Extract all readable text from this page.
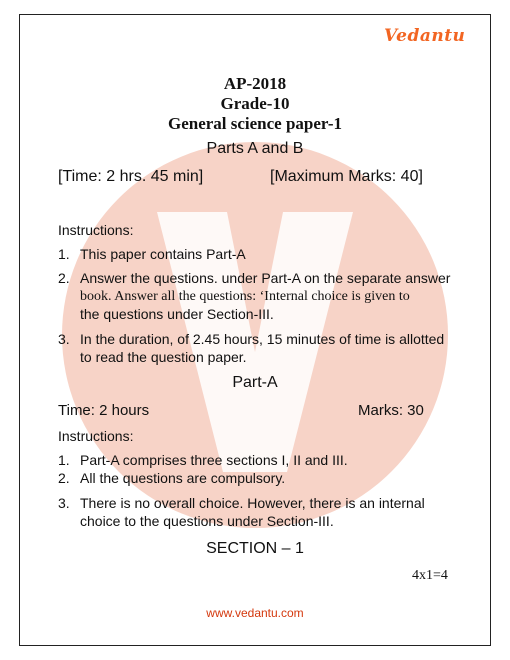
Vedantu
AP-2018
Grade-10
General science paper-1
Parts A and B
[Time: 2 hrs. 45 min]	[Maximum Marks: 40]
Instructions:
1. This paper contains Part-A
2. Answer the questions. under Part-A on the separate answer
book. Answer all the questions: ‘Internal choice is given to
the questions under Section-III.
3. In the duration, of 2.45 hours, 15 minutes of time is allotted
to read the question paper.
Part-A
Time: 2 hours	Marks: 30
Instructions:
1. Part-A comprises three sections I, II and III.
2. All the questions are compulsory.
3. There is no overall choice. However, there is an internal
choice to the questions under Section-III.
SECTION – 1
4x1=4
www.vedantu.com
